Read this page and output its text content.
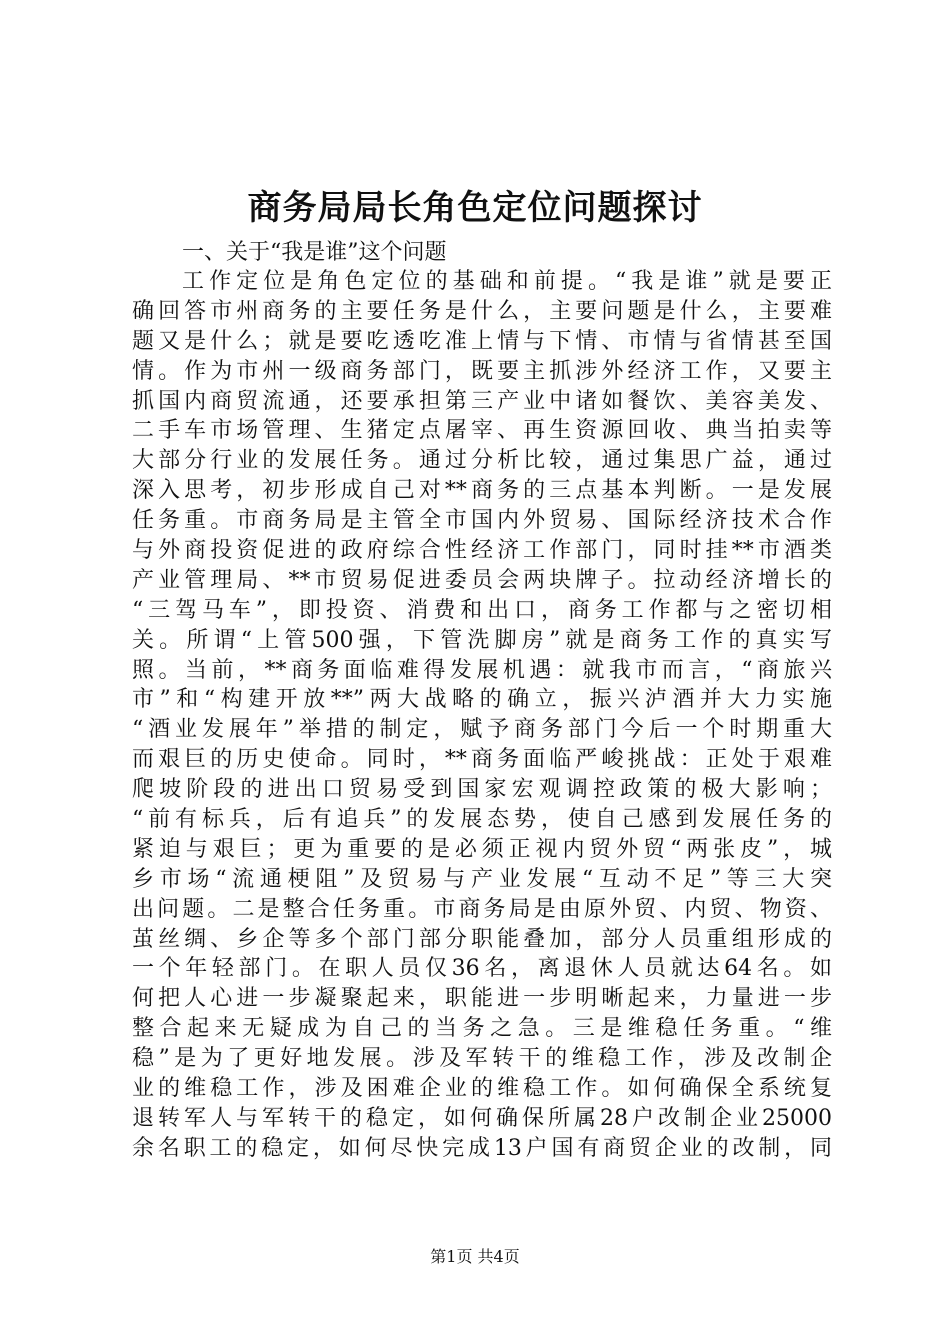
商务局局长角色定位问题探讨

一、关于“我是谁”这个问题

工作定位是角色定位的基础和前提。“我是谁”就是要正
确回答市州商务的主要任务是什么，主要问题是什么，主要难
题又是什么；就是要吃透吃准上情与下情、市情与省情甚至国
情。作为市州一级商务部门，既要主抓涉外经济工作，又要主
抓国内商贸流通，还要承担第三产业中诸如餐饮、美容美发、
二手车市场管理、生猪定点屠宰、再生资源回收、典当拍卖等
大部分行业的发展任务。通过分析比较，通过集思广益，通过
深入思考，初步形成自己对**商务的三点基本判断。一是发展
任务重。市商务局是主管全市国内外贸易、国际经济技术合作
与外商投资促进的政府综合性经济工作部门，同时挂**市酒类
产业管理局、**市贸易促进委员会两块牌子。拉动经济增长的
“三驾马车”，即投资、消费和出口，商务工作都与之密切相
关。所谓“上管500强，下管洗脚房”就是商务工作的真实写
照。当前，**商务面临难得发展机遇：就我市而言，“商旅兴
市”和“构建开放**”两大战略的确立，振兴泸酒并大力实施
“酒业发展年”举措的制定，赋予商务部门今后一个时期重大
而艰巨的历史使命。同时，**商务面临严峻挑战：正处于艰难
爬坡阶段的进出口贸易受到国家宏观调控政策的极大影响；
“前有标兵，后有追兵”的发展态势，使自己感到发展任务的
紧迫与艰巨；更为重要的是必须正视内贸外贸“两张皮”，城
乡市场“流通梗阻”及贸易与产业发展“互动不足”等三大突
出问题。二是整合任务重。市商务局是由原外贸、内贸、物资、
茧丝绸、乡企等多个部门部分职能叠加，部分人员重组形成的
一个年轻部门。在职人员仅36名，离退休人员就达64名。如
何把人心进一步凝聚起来，职能进一步明晰起来，力量进一步
整合起来无疑成为自己的当务之急。三是维稳任务重。“维
稳”是为了更好地发展。涉及军转干的维稳工作，涉及改制企
业的维稳工作，涉及困难企业的维稳工作。如何确保全系统复
退转军人与军转干的稳定，如何确保所属28户改制企业25000
余名职工的稳定，如何尽快完成13户国有商贸企业的改制，同

第1页 共4页
